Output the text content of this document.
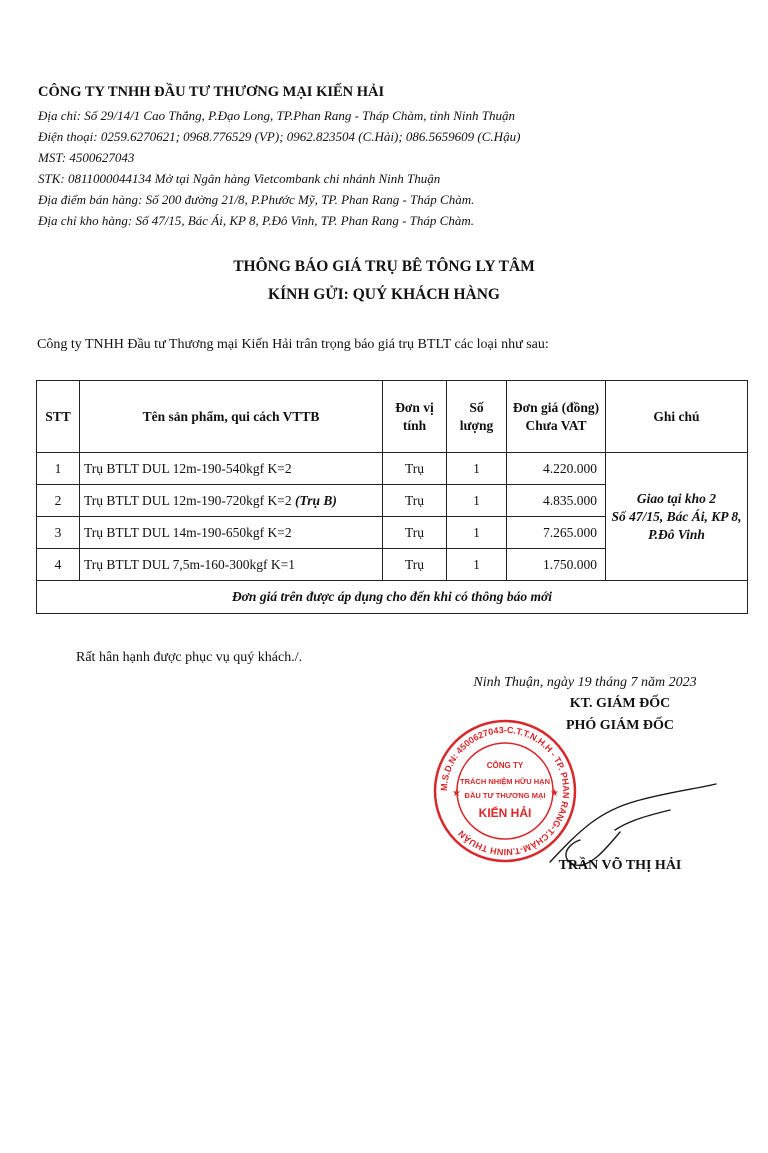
CÔNG TY TNHH ĐẦU TƯ THƯƠNG MẠI KIẾN HẢI
Địa chỉ: Số 29/14/1 Cao Thắng, P.Đạo Long, TP.Phan Rang - Tháp Chàm, tỉnh Ninh Thuận
Điện thoại: 0259.6270621; 0968.776529 (VP); 0962.823504 (C.Hải); 086.5659609 (C.Hậu)
MST: 4500627043
STK: 0811000044134 Mở tại Ngân hàng Vietcombank chi nhánh Ninh Thuận
Địa điểm bán hàng: Số 200 đường 21/8, P.Phước Mỹ, TP. Phan Rang - Tháp Chàm.
Địa chỉ kho hàng: Số 47/15, Bác Ái, KP 8, P.Đô Vinh, TP. Phan Rang - Tháp Chàm.
THÔNG BÁO GIÁ TRỤ BÊ TÔNG LY TÂM
KÍNH GỬI: QUÝ KHÁCH HÀNG
Công ty TNHH Đầu tư Thương mại Kiến Hải trân trọng báo giá trụ BTLT các loại như sau:
STT	Tên sản phẩm, qui cách VTTB	Đơn vị tính	Số lượng	Đơn giá (đồng) Chưa VAT	Ghi chú
1	Trụ BTLT DUL 12m-190-540kgf K=2	Trụ	1	4.220.000	Giao tại kho 2
Số 47/15, Bác Ái, KP 8,
P.Đô Vinh

2	Trụ BTLT DUL 12m-190-720kgf K=2 (Trụ B)	Trụ	1	4.835.000	
3	Trụ BTLT DUL 14m-190-650kgf K=2	Trụ	1	7.265.000	
4	Trụ BTLT DUL 7,5m-160-300kgf K=1	Trụ	1	1.750.000	
Đơn giá trên được áp dụng cho đến khi có thông báo mới					
Rất hân hạnh được phục vụ quý khách./.
Ninh Thuận, ngày 19 tháng 7 năm 2023
KT. GIÁM ĐỐC
PHÓ GIÁM ĐỐC
M.S.D.N: 4500627043-C.T.T.N.H.H - TP. PHAN RANG-T.CHÀM-T.NINH THUẬN
CÔNG TY
TRÁCH NHIỆM HỮU HẠN
ĐẦU TƯ THƯƠNG MẠI
KIẾN HẢI
★	★
TRẦN VÕ THỊ HẢI
